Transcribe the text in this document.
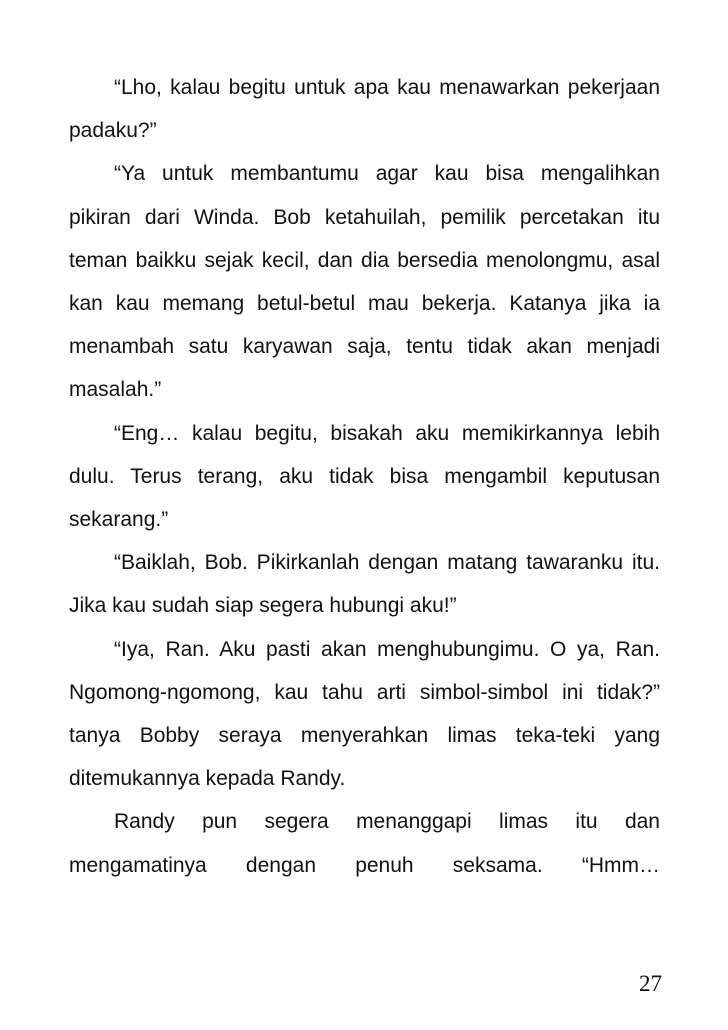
“Lho, kalau begitu untuk apa kau menawarkan pekerjaan padaku?”

“Ya untuk membantumu agar kau bisa mengalihkan pikiran dari Winda. Bob ketahuilah, pemilik percetakan itu teman baikku sejak kecil, dan dia bersedia menolongmu, asal kan kau memang betul-betul mau bekerja. Katanya jika ia menambah satu karyawan saja, tentu tidak akan menjadi masalah.”

“Eng… kalau begitu, bisakah aku memikirkannya lebih dulu. Terus terang, aku tidak bisa mengambil keputusan sekarang.”

“Baiklah, Bob. Pikirkanlah dengan matang tawaranku itu. Jika kau sudah siap segera hubungi aku!”

“Iya, Ran. Aku pasti akan menghubungimu. O ya, Ran. Ngomong-ngomong, kau tahu arti simbol-simbol ini tidak?” tanya Bobby seraya menyerahkan limas teka-teki yang ditemukannya kepada Randy.

Randy pun segera menanggapi limas itu dan mengamatinya dengan penuh seksama. “Hmm…

27
